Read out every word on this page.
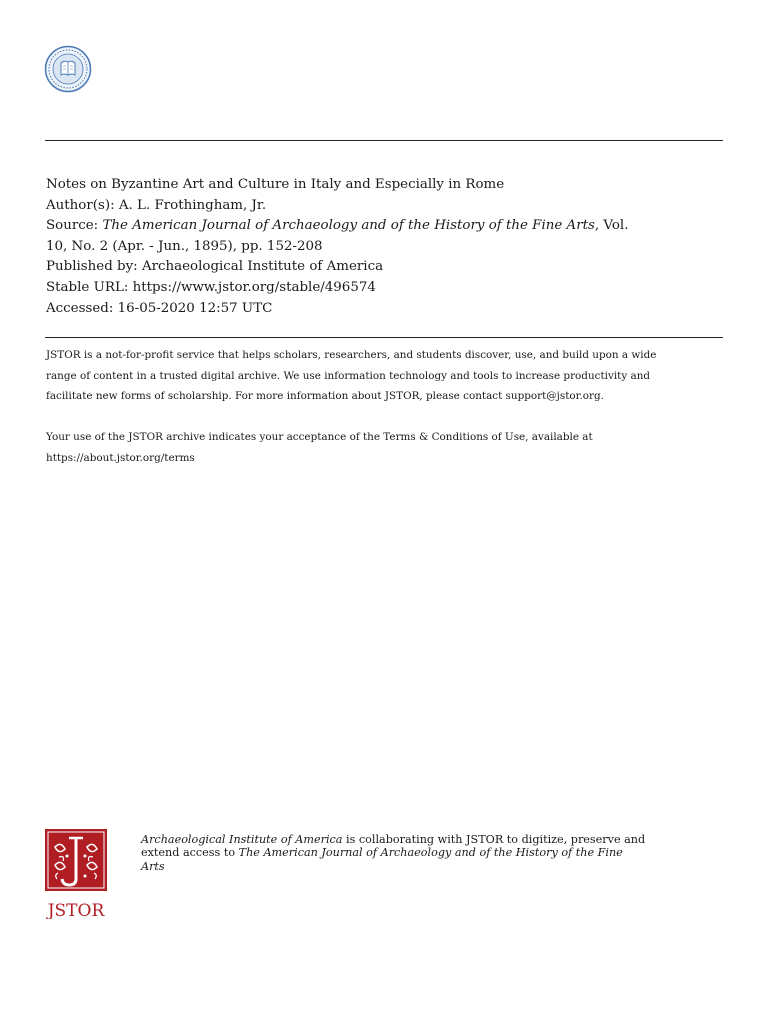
Notes on Byzantine Art and Culture in Italy and Especially in Rome
Author(s): A. L. Frothingham, Jr.
Source: The American Journal of Archaeology and of the History of the Fine Arts, Vol.
10, No. 2 (Apr. - Jun., 1895), pp. 152-208
Published by: Archaeological Institute of America
Stable URL: https://www.jstor.org/stable/496574
Accessed: 16-05-2020 12:57 UTC

JSTOR is a not-for-profit service that helps scholars, researchers, and students discover, use, and build upon a wide
range of content in a trusted digital archive. We use information technology and tools to increase productivity and
facilitate new forms of scholarship. For more information about JSTOR, please contact support@jstor.org.

Your use of the JSTOR archive indicates your acceptance of the Terms & Conditions of Use, available at
https://about.jstor.org/terms

JSTOR
Archaeological Institute of America is collaborating with JSTOR to digitize, preserve and
extend access to The American Journal of Archaeology and of the History of the Fine
Arts
